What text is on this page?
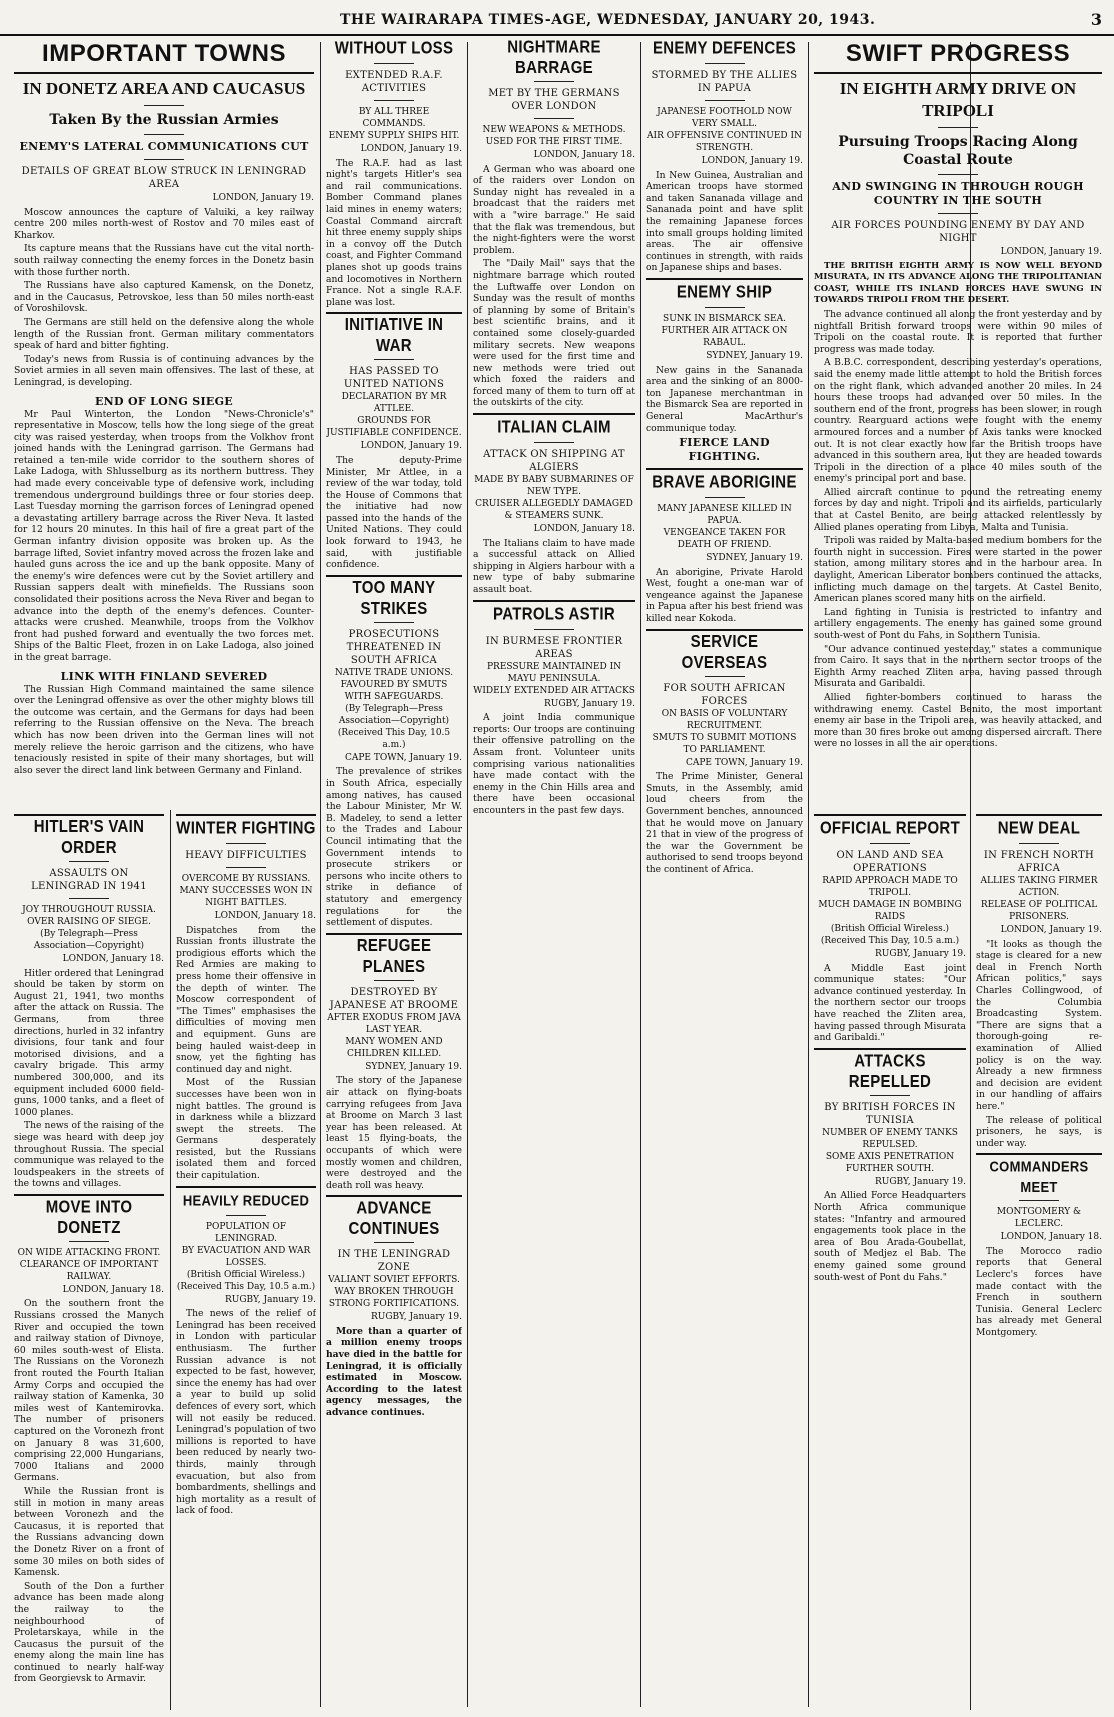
THE WAIRARAPA TIMES-AGE, WEDNESDAY, JANUARY 20, 1943.	3
IMPORTANT TOWNS
IN DONETZ AREA AND CAUCASUS
Taken By the Russian Armies
ENEMY'S LATERAL COMMUNICATIONS CUT
DETAILS OF GREAT BLOW STRUCK IN LENINGRAD AREA
LONDON, January 19.

Moscow announces the capture of Valuiki, a key railway centre 200 miles north-west of Rostov and 70 miles east of Kharkov.

Its capture means that the Russians have cut the vital north-south railway connecting the enemy forces in the Donetz basin with those further north.

The Russians have also captured Kamensk, on the Donetz, and in the Caucasus, Petrovskoe, less than 50 miles north-east of Voroshilovsk.

The Germans are still held on the defensive along the whole length of the Russian front. German military commentators speak of hard and bitter fighting.

Today's news from Russia is of continuing advances by the Soviet armies in all seven main offensives. The last of these, at Leningrad, is developing.

END OF LONG SIEGE

Mr Paul Winterton, the London "News-Chronicle's" representative in Moscow, tells how the long siege of the great city was raised yesterday, when troops from the Volkhov front joined hands with the Leningrad garrison. The Germans had retained a ten-mile wide corridor to the southern shores of Lake Ladoga, with Shlusselburg as its northern buttress. They had made every conceivable type of defensive work, including tremendous underground buildings three or four stories deep. Last Tuesday morning the garrison forces of Leningrad opened a devastating artillery barrage across the River Neva. It lasted for 12 hours 20 minutes. In this hail of fire a great part of the German infantry division opposite was broken up. As the barrage lifted, Soviet infantry moved across the frozen lake and hauled guns across the ice and up the bank opposite. Many of the enemy's wire defences were cut by the Soviet artillery and Russian sappers dealt with minefields. The Russians soon consolidated their positions across the Neva River and began to advance into the depth of the enemy's defences. Counter-attacks were crushed. Meanwhile, troops from the Volkhov front had pushed forward and eventually the two forces met. Ships of the Baltic Fleet, frozen in on Lake Ladoga, also joined in the great barrage.

LINK WITH FINLAND SEVERED

The Russian High Command maintained the same silence over the Leningrad offensive as over the other mighty blows till the outcome was certain, and the Germans for days had been referring to the Russian offensive on the Neva. The breach which has now been driven into the German lines will not merely relieve the heroic garrison and the citizens, who have tenaciously resisted in spite of their many shortages, but will also sever the direct land link between Germany and Finland.

HITLER'S VAIN ORDER
ASSAULTS ON LENINGRAD IN 1941
JOY THROUGHOUT RUSSIA.
OVER RAISING OF SIEGE.
(By Telegraph—Press Association—Copyright)
LONDON, January 18.

Hitler ordered that Leningrad should be taken by storm on August 21, 1941, two months after the attack on Russia. The Germans, from three directions, hurled in 32 infantry divisions, four tank and four motorised divisions, and a cavalry brigade. This army numbered 300,000, and its equipment included 6000 field-guns, 1000 tanks, and a fleet of 1000 planes.

The news of the raising of the siege was heard with deep joy throughout Russia. The special communique was relayed to the loudspeakers in the streets of the towns and villages.

MOVE INTO DONETZ
ON WIDE ATTACKING FRONT.
CLEARANCE OF IMPORTANT RAILWAY.
LONDON, January 18.

On the southern front the Russians crossed the Manych River and occupied the town and railway station of Divnoye, 60 miles south-west of Elista. The Russians on the Voronezh front routed the Fourth Italian Army Corps and occupied the railway station of Kamenka, 30 miles west of Kantemirovka. The number of prisoners captured on the Voronezh front on January 8 was 31,600, comprising 22,000 Hungarians, 7000 Italians and 2000 Germans.

While the Russian front is still in motion in many areas between Voronezh and the Caucasus, it is reported that the Russians advancing down the Donetz River on a front of some 30 miles on both sides of Kamensk.

South of the Don a further advance has been made along the railway to the neighbourhood of Proletarskaya, while in the Caucasus the pursuit of the enemy along the main line has continued to nearly half-way from Georgievsk to Armavir.

WINTER FIGHTING
HEAVY DIFFICULTIES
OVERCOME BY RUSSIANS.
MANY SUCCESSES WON IN NIGHT BATTLES.
LONDON, January 18.

Dispatches from the Russian fronts illustrate the prodigious efforts which the Red Armies are making to press home their offensive in the depth of winter. The Moscow correspondent of "The Times" emphasises the difficulties of moving men and equipment. Guns are being hauled waist-deep in snow, yet the fighting has continued day and night.

Most of the Russian successes have been won in night battles. The ground is in darkness while a blizzard swept the streets. The Germans desperately resisted, but the Russians isolated them and forced their capitulation.

HEAVILY REDUCED
POPULATION OF LENINGRAD.
BY EVACUATION AND WAR LOSSES.
(British Official Wireless.) (Received This Day, 10.5 a.m.)
RUGBY, January 19.

The news of the relief of Leningrad has been received in London with particular enthusiasm. The further Russian advance is not expected to be fast, however, since the enemy has had over a year to build up solid defences of every sort, which will not easily be reduced. Leningrad's population of two millions is reported to have been reduced by nearly two-thirds, mainly through evacuation, but also from bombardments, shellings and high mortality as a result of lack of food.

WITHOUT LOSS
EXTENDED R.A.F. ACTIVITIES
BY ALL THREE COMMANDS.
ENEMY SUPPLY SHIPS HIT.
LONDON, January 19.

The R.A.F. had as last night's targets Hitler's sea and rail communications. Bomber Command planes laid mines in enemy waters; Coastal Command aircraft hit three enemy supply ships in a convoy off the Dutch coast, and Fighter Command planes shot up goods trains and locomotives in Northern France. Not a single R.A.F. plane was lost.

INITIATIVE IN WAR
HAS PASSED TO UNITED NATIONS
DECLARATION BY MR ATTLEE.
GROUNDS FOR JUSTIFIABLE CONFIDENCE.
LONDON, January 19.

The deputy-Prime Minister, Mr Attlee, in a review of the war today, told the House of Commons that the initiative had now passed into the hands of the United Nations. They could look forward to 1943, he said, with justifiable confidence.

TOO MANY STRIKES
PROSECUTIONS THREATENED IN SOUTH AFRICA
NATIVE TRADE UNIONS.
FAVOURED BY SMUTS WITH SAFEGUARDS.
(By Telegraph—Press Association—Copyright) (Received This Day, 10.5 a.m.)
CAPE TOWN, January 19.

The prevalence of strikes in South Africa, especially among natives, has caused the Labour Minister, Mr W. B. Madeley, to send a letter to the Trades and Labour Council intimating that the Government intends to prosecute strikers or persons who incite others to strike in defiance of statutory and emergency regulations for the settlement of disputes.

REFUGEE PLANES
DESTROYED BY JAPANESE AT BROOME
AFTER EXODUS FROM JAVA LAST YEAR.
MANY WOMEN AND CHILDREN KILLED.
SYDNEY, January 19.

The story of the Japanese air attack on flying-boats carrying refugees from Java at Broome on March 3 last year has been released. At least 15 flying-boats, the occupants of which were mostly women and children, were destroyed and the death roll was heavy.

ADVANCE CONTINUES
IN THE LENINGRAD ZONE
VALIANT SOVIET EFFORTS.
WAY BROKEN THROUGH STRONG FORTIFICATIONS.
RUGBY, January 19.

More than a quarter of a million enemy troops have died in the battle for Leningrad, it is officially estimated in Moscow. According to the latest agency messages, the advance continues.

NIGHTMARE BARRAGE
MET BY THE GERMANS OVER LONDON
NEW WEAPONS & METHODS.
USED FOR THE FIRST TIME.
LONDON, January 18.

A German who was aboard one of the raiders over London on Sunday night has revealed in a broadcast that the raiders met with a "wire barrage." He said that the flak was tremendous, but the night-fighters were the worst problem.

The "Daily Mail" says that the nightmare barrage which routed the Luftwaffe over London on Sunday was the result of months of planning by some of Britain's best scientific brains, and it contained some closely-guarded military secrets. New weapons were used for the first time and new methods were tried out which foxed the raiders and forced many of them to turn off at the outskirts of the city.

ITALIAN CLAIM
ATTACK ON SHIPPING AT ALGIERS
MADE BY BABY SUBMARINES OF NEW TYPE.
CRUISER ALLEGEDLY DAMAGED & STEAMERS SUNK.
LONDON, January 18.

The Italians claim to have made a successful attack on Allied shipping in Algiers harbour with a new type of baby submarine assault boat.

PATROLS ASTIR
IN BURMESE FRONTIER AREAS
PRESSURE MAINTAINED IN MAYU PENINSULA.
WIDELY EXTENDED AIR ATTACKS
RUGBY, January 19.

A joint India communique reports: Our troops are continuing their offensive patrolling on the Assam front. Volunteer units comprising various nationalities have made contact with the enemy in the Chin Hills area and there have been occasional encounters in the past few days.

ENEMY DEFENCES
STORMED BY THE ALLIES IN PAPUA
JAPANESE FOOTHOLD NOW VERY SMALL.
AIR OFFENSIVE CONTINUED IN STRENGTH.
LONDON, January 19.

In New Guinea, Australian and American troops have stormed and taken Sananada village and Sananada point and have split the remaining Japanese forces into small groups holding limited areas. The air offensive continues in strength, with raids on Japanese ships and bases.

ENEMY SHIP
SUNK IN BISMARCK SEA.
FURTHER AIR ATTACK ON RABAUL.
SYDNEY, January 19.

New gains in the Sananada area and the sinking of an 8000-ton Japanese merchantman in the Bismarck Sea are reported in General MacArthur's communique today.

FIERCE LAND FIGHTING.
BRAVE ABORIGINE
MANY JAPANESE KILLED IN PAPUA.
VENGEANCE TAKEN FOR DEATH OF FRIEND.
SYDNEY, January 19.

An aborigine, Private Harold West, fought a one-man war of vengeance against the Japanese in Papua after his best friend was killed near Kokoda.

SERVICE OVERSEAS
FOR SOUTH AFRICAN FORCES
ON BASIS OF VOLUNTARY RECRUITMENT.
SMUTS TO SUBMIT MOTIONS TO PARLIAMENT.
CAPE TOWN, January 19.

The Prime Minister, General Smuts, in the Assembly, amid loud cheers from the Government benches, announced that he would move on January 21 that in view of the progress of the war the Government be authorised to send troops beyond the continent of Africa.

SWIFT PROGRESS
IN EIGHTH ARMY DRIVE ON TRIPOLI
Pursuing Troops Racing Along Coastal Route
AND SWINGING IN THROUGH ROUGH COUNTRY IN THE SOUTH
AIR FORCES POUNDING ENEMY BY DAY AND NIGHT
LONDON, January 19.

THE BRITISH EIGHTH ARMY IS NOW WELL BEYOND MISURATA, IN ITS ADVANCE ALONG THE TRIPOLITANIAN COAST, WHILE ITS INLAND FORCES HAVE SWUNG IN TOWARDS TRIPOLI FROM THE DESERT.

The advance continued all along the front yesterday and by nightfall British forward troops were within 90 miles of Tripoli on the coastal route. It is reported that further progress was made today.

A B.B.C. correspondent, describing yesterday's operations, said the enemy made little attempt to hold the British forces on the right flank, which advanced another 20 miles. In 24 hours these troops had advanced over 50 miles. In the southern end of the front, progress has been slower, in rough country. Rearguard actions were fought with the enemy armoured forces and a number of Axis tanks were knocked out. It is not clear exactly how far the British troops have advanced in this southern area, but they are headed towards Tripoli in the direction of a place 40 miles south of the enemy's principal port and base.

Allied aircraft continue to pound the retreating enemy forces by day and night. Tripoli and its airfields, particularly that at Castel Benito, are being attacked relentlessly by Allied planes operating from Libya, Malta and Tunisia.

Tripoli was raided by Malta-based medium bombers for the fourth night in succession. Fires were started in the power station, among military stores and in the harbour area. In daylight, American Liberator bombers continued the attacks, inflicting much damage on the targets. At Castel Benito, American planes scored many hits on the airfield.

Land fighting in Tunisia is restricted to infantry and artillery engagements. The enemy has gained some ground south-west of Pont du Fahs, in Southern Tunisia.

"Our advance continued yesterday," states a communique from Cairo. It says that in the northern sector troops of the Eighth Army reached Zliten area, having passed through Misurata and Garibaldi.

Allied fighter-bombers continued to harass the withdrawing enemy. Castel Benito, the most important enemy air base in the Tripoli area, was heavily attacked, and more than 30 fires broke out among dispersed aircraft. There were no losses in all the air operations.

OFFICIAL REPORT
ON LAND AND SEA OPERATIONS
RAPID APPROACH MADE TO TRIPOLI.
MUCH DAMAGE IN BOMBING RAIDS
(British Official Wireless.) (Received This Day, 10.5 a.m.)
RUGBY, January 19.

A Middle East joint communique states: "Our advance continued yesterday. In the northern sector our troops have reached the Zliten area, having passed through Misurata and Garibaldi."

ATTACKS REPELLED
BY BRITISH FORCES IN TUNISIA
NUMBER OF ENEMY TANKS REPULSED.
SOME AXIS PENETRATION FURTHER SOUTH.
RUGBY, January 19.

An Allied Force Headquarters North Africa communique states: "Infantry and armoured engagements took place in the area of Bou Arada-Goubellat, south of Medjez el Bab. The enemy gained some ground south-west of Pont du Fahs."

NEW DEAL
IN FRENCH NORTH AFRICA
ALLIES TAKING FIRMER ACTION.
RELEASE OF POLITICAL PRISONERS.
LONDON, January 19.

"It looks as though the stage is cleared for a new deal in French North African politics," says Charles Collingwood, of the Columbia Broadcasting System. "There are signs that a thorough-going re-examination of Allied policy is on the way. Already a new firmness and decision are evident in our handling of affairs here."

The release of political prisoners, he says, is under way.

COMMANDERS MEET
MONTGOMERY & LECLERC.
LONDON, January 18.

The Morocco radio reports that General Leclerc's forces have made contact with the French in southern Tunisia. General Leclerc has already met General Montgomery.
